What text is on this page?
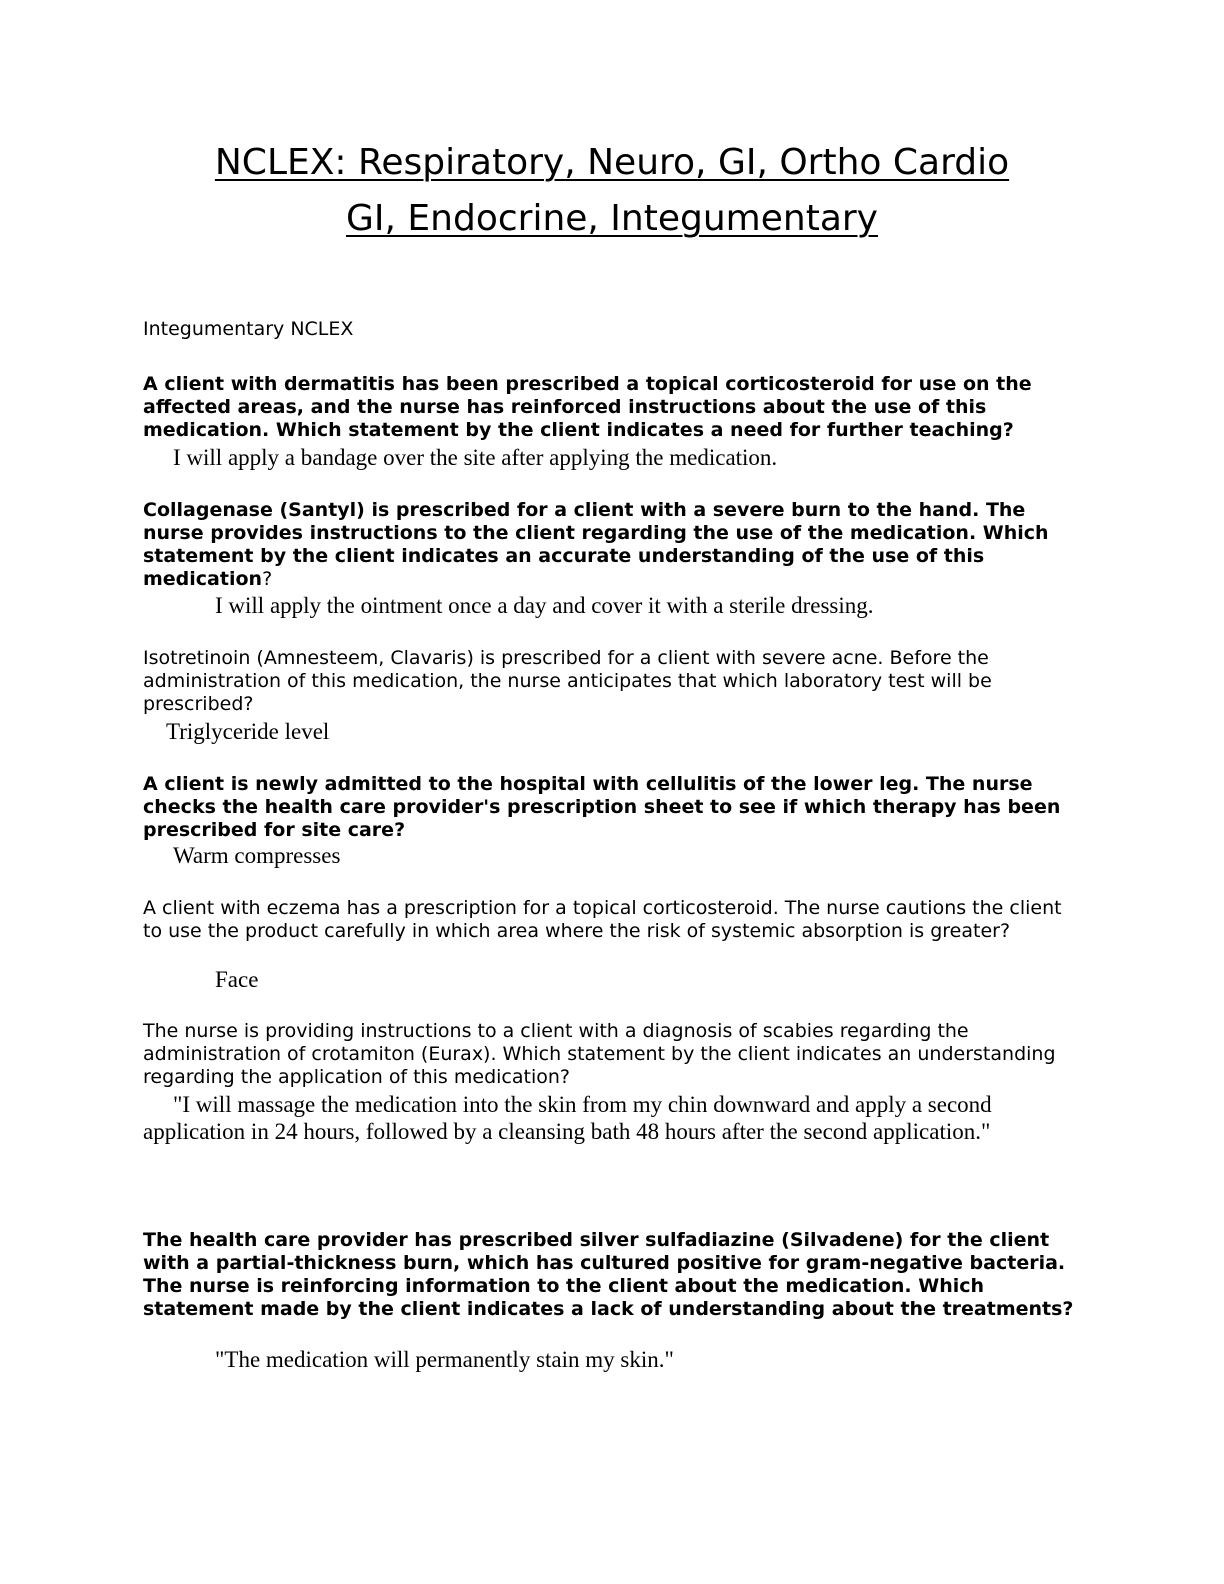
NCLEX: Respiratory, Neuro, GI, Ortho Cardio
GI, Endocrine, Integumentary
Integumentary NCLEX

A client with dermatitis has been prescribed a topical corticosteroid for use on the affected areas, and the nurse has reinforced instructions about the use of this medication. Which statement by the client indicates a need for further teaching?

I will apply a bandage over the site after applying the medication.

Collagenase (Santyl) is prescribed for a client with a severe burn to the hand. The nurse provides instructions to the client regarding the use of the medication. Which statement by the client indicates an accurate understanding of the use of this medication?

I will apply the ointment once a day and cover it with a sterile dressing.

Isotretinoin (Amnesteem, Clavaris) is prescribed for a client with severe acne. Before the administration of this medication, the nurse anticipates that which laboratory test will be prescribed?

Triglyceride level

A client is newly admitted to the hospital with cellulitis of the lower leg. The nurse checks the health care provider's prescription sheet to see if which therapy has been prescribed for site care?

Warm compresses

A client with eczema has a prescription for a topical corticosteroid. The nurse cautions the client to use the product carefully in which area where the risk of systemic absorption is greater?

Face

The nurse is providing instructions to a client with a diagnosis of scabies regarding the administration of crotamiton (Eurax). Which statement by the client indicates an understanding regarding the application of this medication?

"I will massage the medication into the skin from my chin downward and apply a second application in 24 hours, followed by a cleansing bath 48 hours after the second application."

The health care provider has prescribed silver sulfadiazine (Silvadene) for the client with a partial-thickness burn, which has cultured positive for gram-negative bacteria. The nurse is reinforcing information to the client about the medication. Which statement made by the client indicates a lack of understanding about the treatments?

"The medication will permanently stain my skin."
